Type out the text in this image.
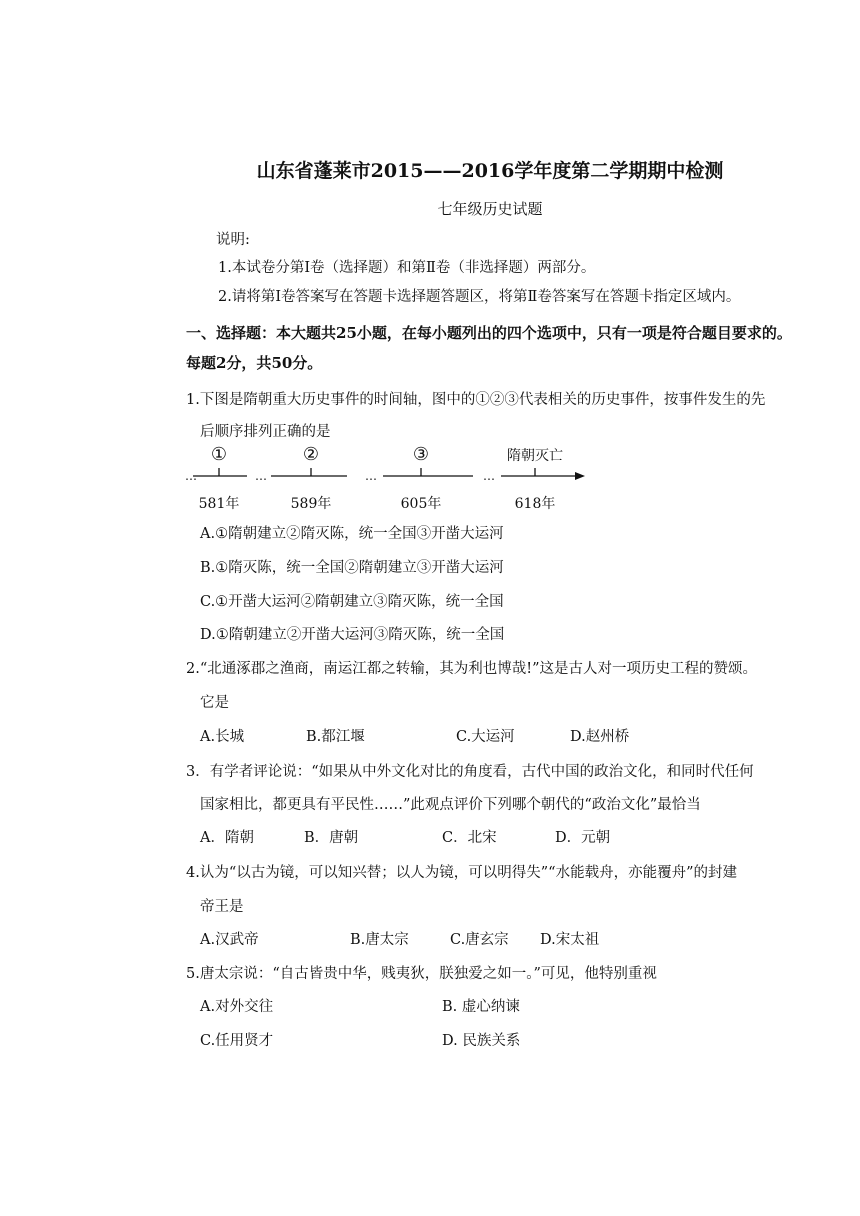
山东省蓬莱市2015——2016学年度第二学期期中检测
七年级历史试题
说明:
1.本试卷分第Ⅰ卷（选择题）和第Ⅱ卷（非选择题）两部分。
2.请将第Ⅰ卷答案写在答题卡选择题答题区，将第Ⅱ卷答案写在答题卡指定区域内。
一、选择题：本大题共25小题，在每小题列出的四个选项中，只有一项是符合题目要求的。
每题2分，共50分。
1.下图是隋朝重大历史事件的时间轴，图中的①②③代表相关的历史事件，按事件发生的先
后顺序排列正确的是
…
①
…
②
…
③
…
隋朝灭亡
581年	589年	605年	618年
A.①隋朝建立②隋灭陈，统一全国③开凿大运河
B.①隋灭陈，统一全国②隋朝建立③开凿大运河
C.①开凿大运河②隋朝建立③隋灭陈，统一全国
D.①隋朝建立②开凿大运河③隋灭陈，统一全国
2.“北通涿郡之渔商，南运江都之转输，其为利也博哉!”这是古人对一项历史工程的赞颂。
它是
A.长城	B.都江堰	C.大运河	D.赵州桥
3．有学者评论说：“如果从中外文化对比的角度看，古代中国的政治文化，和同时代任何
国家相比，都更具有平民性……”此观点评价下列哪个朝代的“政治文化”最恰当
A．隋朝	B．唐朝	C．北宋	D．元朝
4.认为“以古为镜，可以知兴替；以人为镜，可以明得失”“水能载舟，亦能覆舟”的封建
帝王是
A.汉武帝	B.唐太宗	C.唐玄宗 D.宋太祖
5.唐太宗说：“自古皆贵中华，贱夷狄，朕独爱之如一。”可见，他特别重视
A.对外交往	B. 虚心纳谏
C.任用贤才	D. 民族关系
